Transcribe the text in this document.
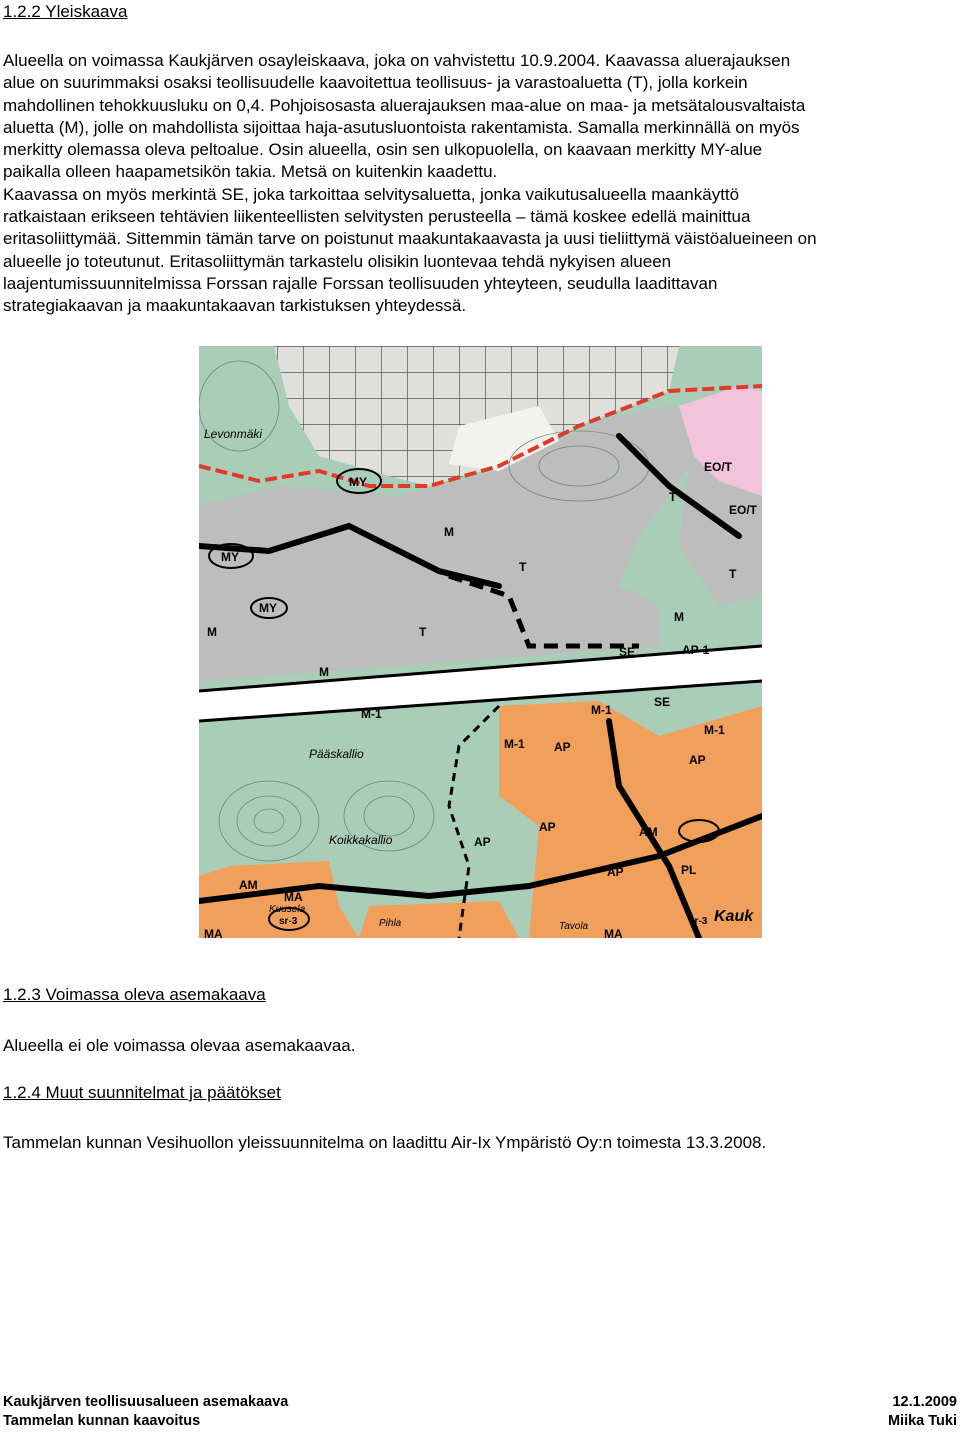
1.2.2 Yleiskaava
Alueella on voimassa Kaukjärven osayleiskaava, joka on vahvistettu 10.9.2004. Kaavassa aluerajauksen
alue on suurimmaksi osaksi teollisuudelle kaavoitettua teollisuus- ja varastoaluetta (T), jolla korkein
mahdollinen tehokkuusluku on 0,4. Pohjoisosasta aluerajauksen maa-alue on maa- ja metsätalousvaltaista
aluetta (M), jolle on mahdollista sijoittaa haja-asutusluontoista rakentamista. Samalla merkinnällä on myös
merkitty olemassa oleva peltoalue. Osin alueella, osin sen ulkopuolella, on kaavaan merkitty MY-alue
paikalla olleen haapametsikön takia. Metsä on kuitenkin kaadettu.
Kaavassa on myös merkintä SE, joka tarkoittaa selvitysaluetta, jonka vaikutusalueella maankäyttö
ratkaistaan erikseen tehtävien liikenteellisten selvitysten perusteella – tämä koskee edellä mainittua
eritasoliittymää. Sittemmin tämän tarve on poistunut maakuntakaavasta ja uusi tieliittymä väistöalueineen on
alueelle jo toteutunut. Eritasoliittymän tarkastelu olisikin luontevaa tehdä nykyisen alueen
laajentumissuunnitelmissa Forssan rajalle Forssan teollisuuden yhteyteen, seudulla laadittavan
strategiakaavan ja maakuntakaavan tarkistuksen yhteydessä.
Levonmäki
MY
MY
MY
M
M
M
M
T
T	T
T
EO/T
EO/T
SE
SE
AP-1
M-1	M-1
M-1
M-1
AP
AP
AP
AP
AP
AM
AM
MA
MA
MA
PL
sr-3
sr-3
Pääskallio
Koikkakallio
Kauk
Kuusela
Pihla	Tavola
1.2.3 Voimassa oleva asemakaava
Alueella ei ole voimassa olevaa asemakaavaa.
1.2.4 Muut suunnitelmat ja päätökset
Tammelan kunnan Vesihuollon yleissuunnitelma on laadittu Air-Ix Ympäristö Oy:n toimesta 13.3.2008.
Kaukjärven teollisuusalueen asemakaava
Tammelan kunnan kaavoitus
12.1.2009
Miika Tuki
